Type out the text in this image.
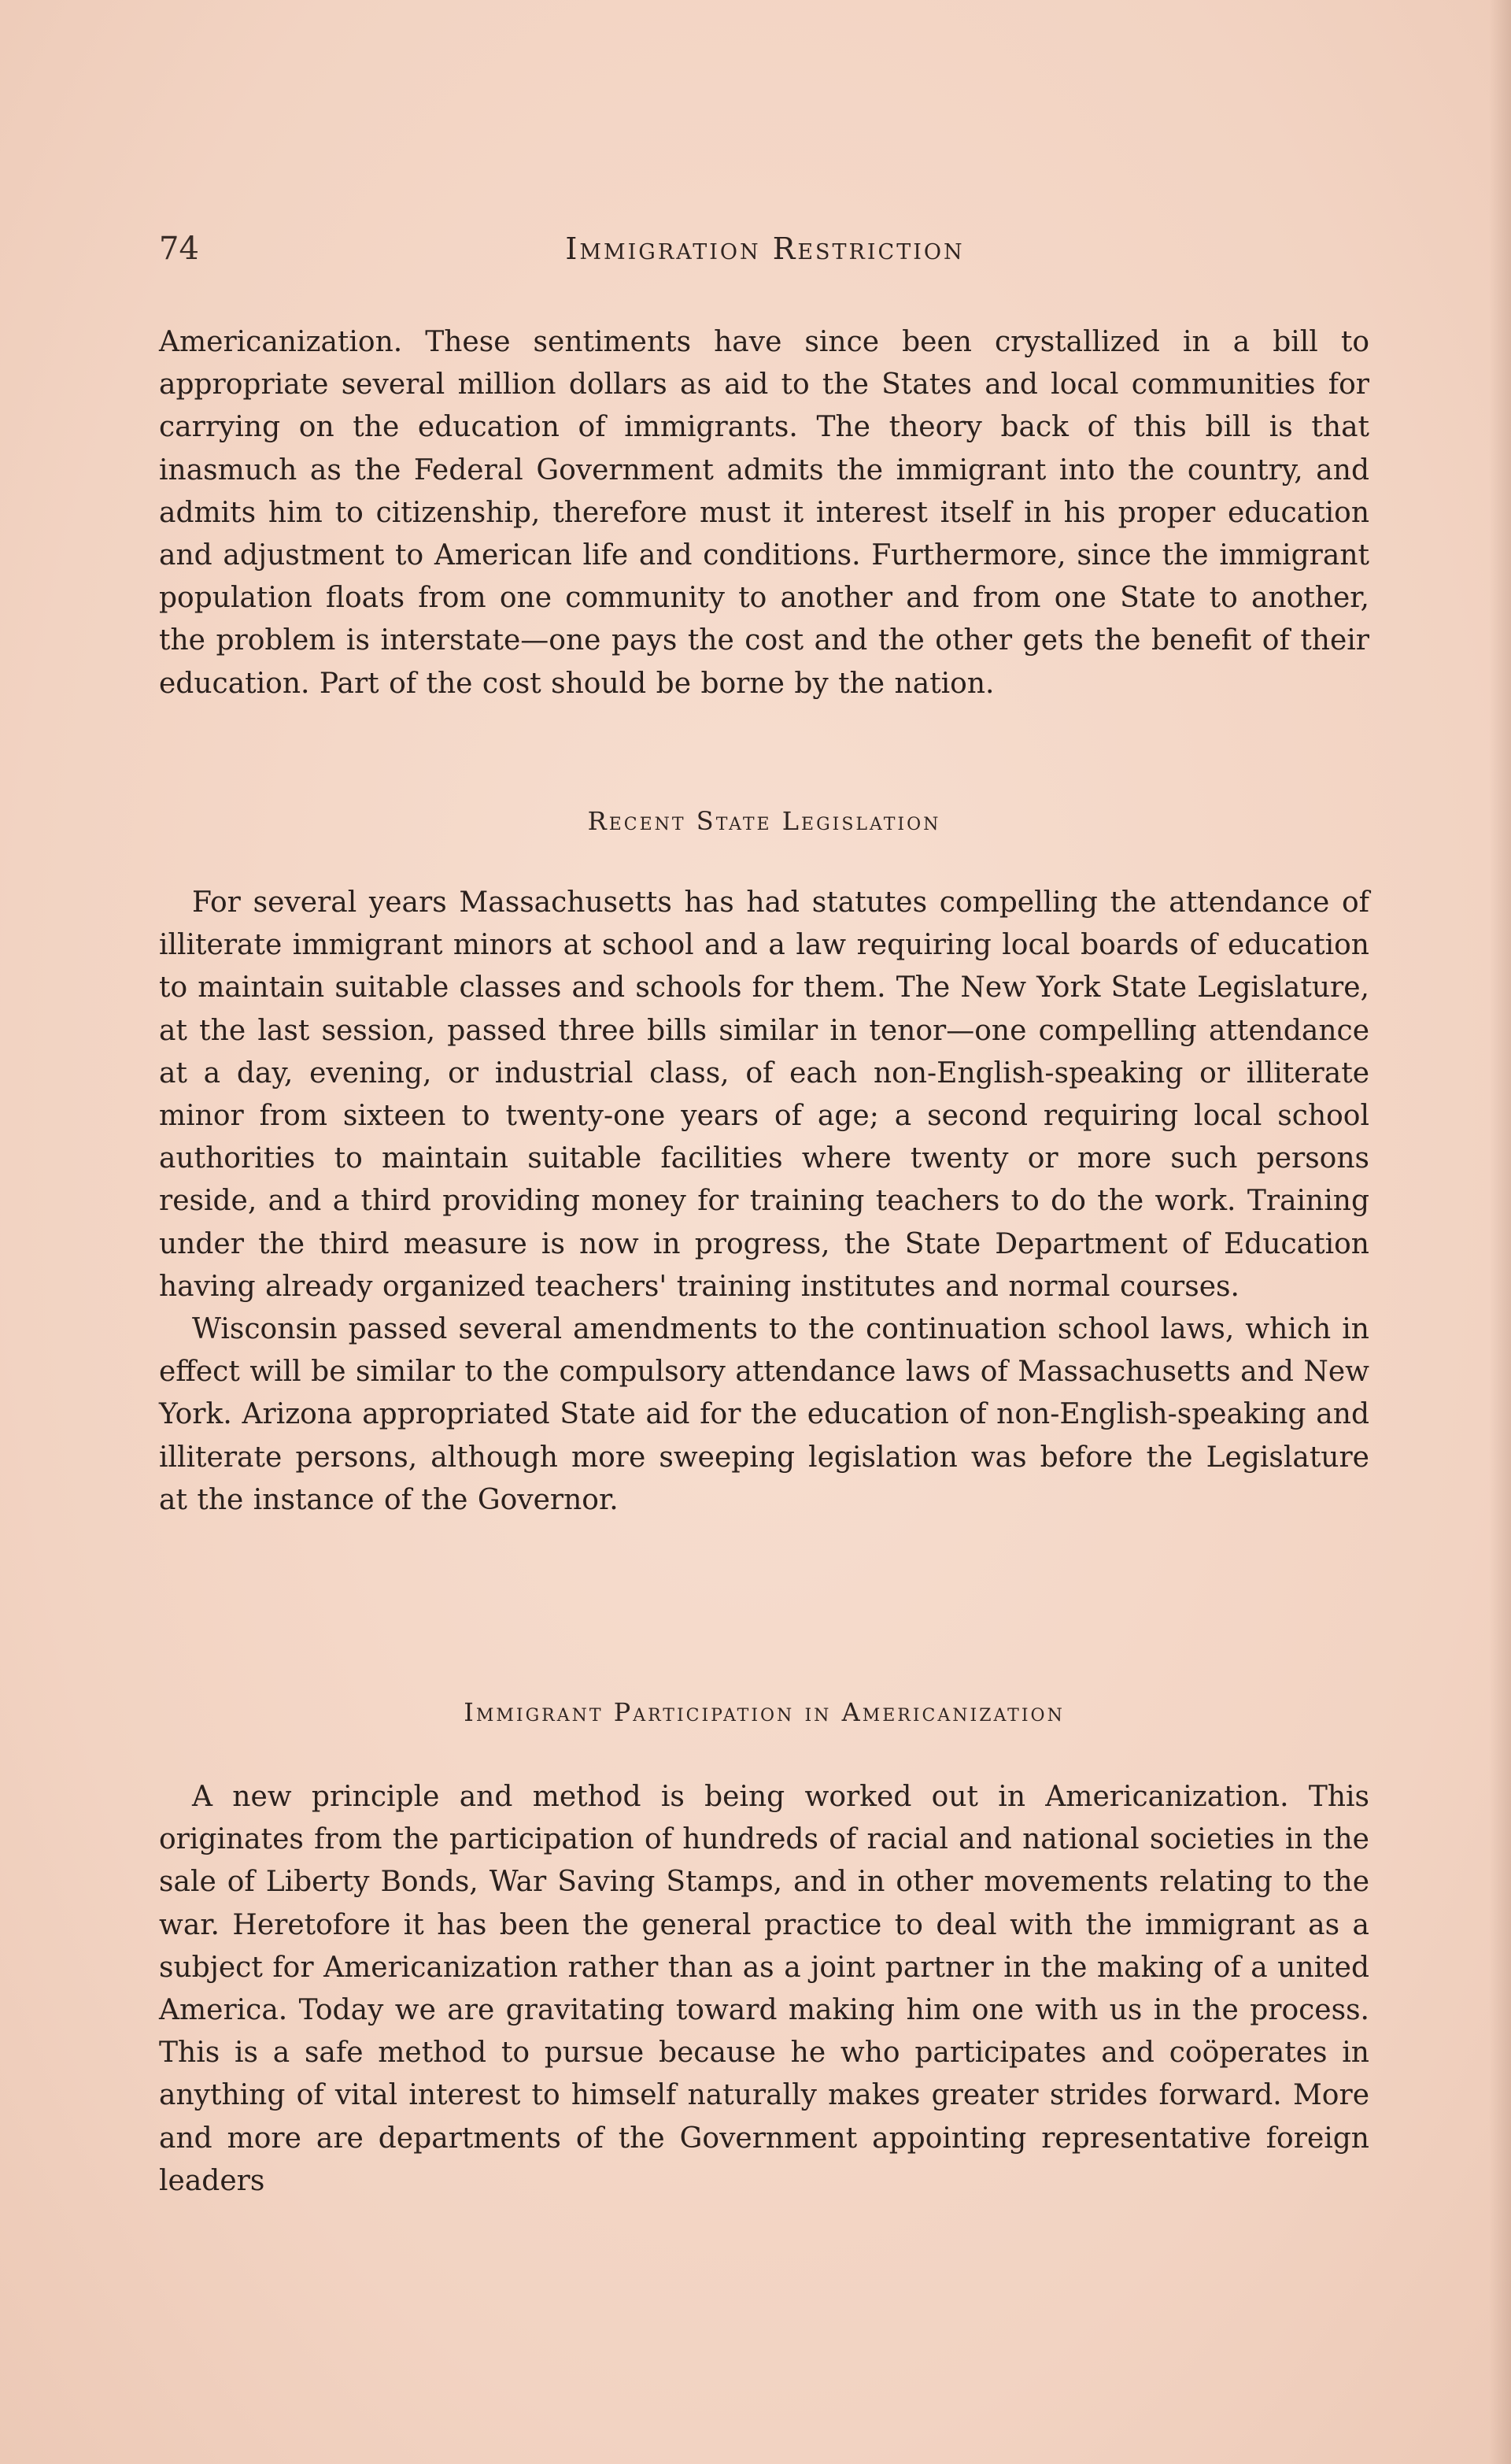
74	Immigration Restriction

Americanization. These sentiments have since been crystallized in a bill to appropriate several million dollars as aid to the States and local communities for carrying on the education of immigrants. The theory back of this bill is that inasmuch as the Federal Government admits the immigrant into the country, and admits him to citizenship, therefore must it interest itself in his proper education and adjustment to American life and conditions. Furthermore, since the immigrant population floats from one community to another and from one State to another, the problem is interstate—one pays the cost and the other gets the benefit of their education. Part of the cost should be borne by the nation.

Recent State Legislation

For several years Massachusetts has had statutes compelling the attendance of illiterate immigrant minors at school and a law requiring local boards of education to maintain suitable classes and schools for them. The New York State Legislature, at the last session, passed three bills similar in tenor—one compelling attendance at a day, evening, or industrial class, of each non-English-speaking or illiterate minor from sixteen to twenty-one years of age; a second requiring local school authorities to maintain suitable facilities where twenty or more such persons reside, and a third providing money for training teachers to do the work. Training under the third measure is now in progress, the State Department of Education having already organized teachers' training institutes and normal courses.

Wisconsin passed several amendments to the continuation school laws, which in effect will be similar to the compulsory attendance laws of Massachusetts and New York. Arizona appropriated State aid for the education of non-English-speaking and illiterate persons, although more sweeping legislation was before the Legislature at the instance of the Governor.

Immigrant Participation in Americanization

A new principle and method is being worked out in Americanization. This originates from the participation of hundreds of racial and national societies in the sale of Liberty Bonds, War Saving Stamps, and in other movements relating to the war. Heretofore it has been the general practice to deal with the immigrant as a subject for Americanization rather than as a joint partner in the making of a united America. Today we are gravitating toward making him one with us in the process. This is a safe method to pursue because he who participates and coöperates in anything of vital interest to himself naturally makes greater strides forward. More and more are departments of the Government appointing representative foreign leaders
